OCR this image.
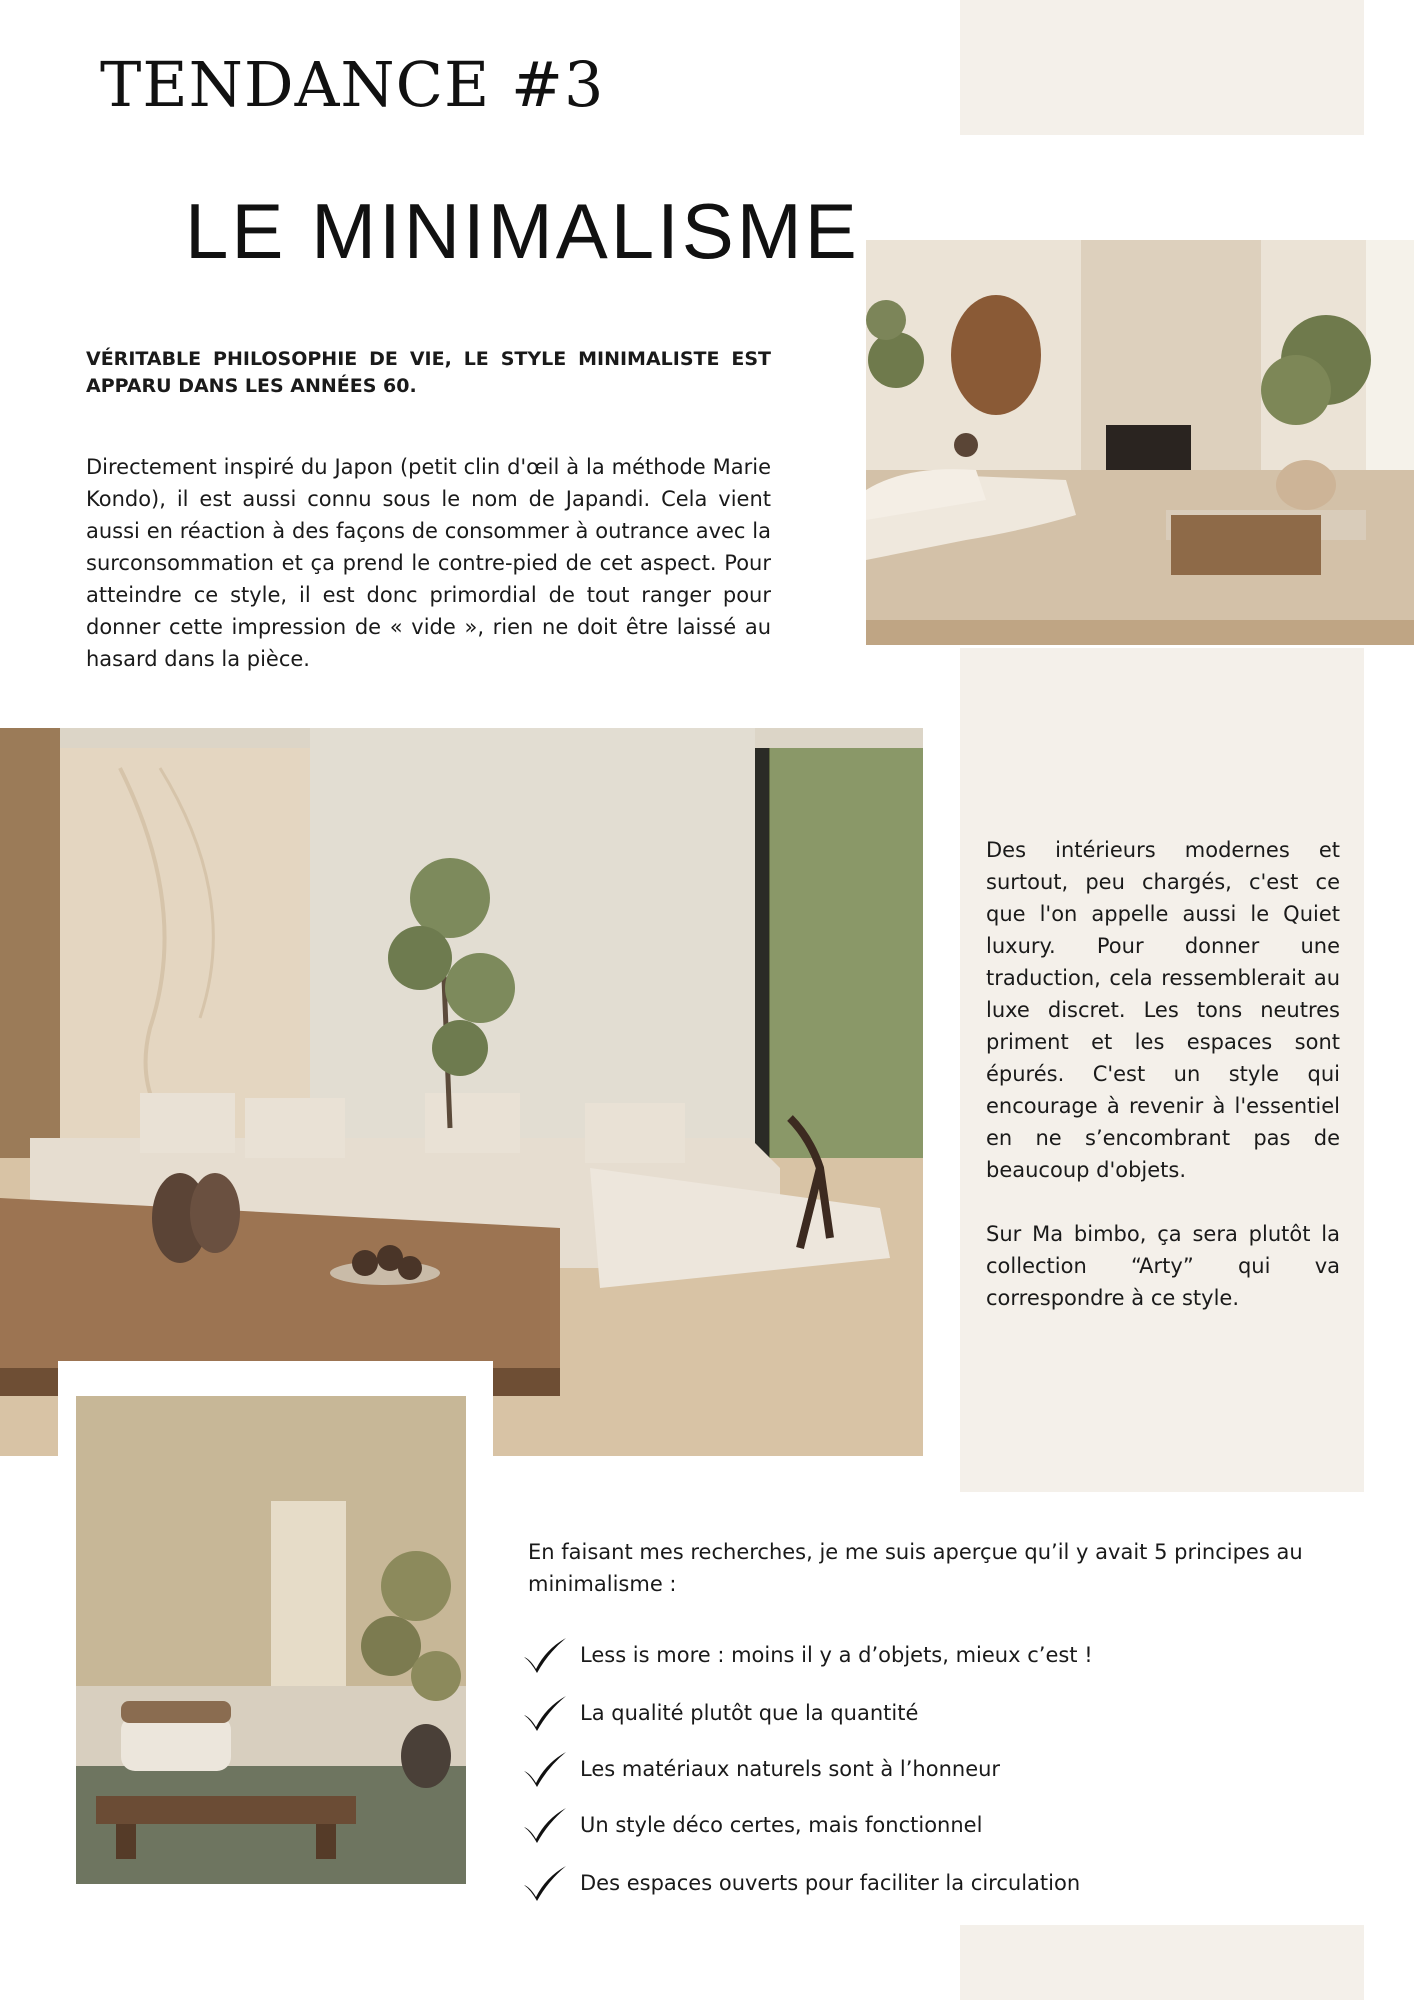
TENDANCE #3
LE MINIMALISME

VÉRITABLE PHILOSOPHIE DE VIE, LE STYLE MINIMALISTE EST APPARU DANS LES ANNÉES 60.

Directement inspiré du Japon (petit clin d'œil à la méthode Marie Kondo), il est aussi connu sous le nom de Japandi. Cela vient aussi en réaction à des façons de consommer à outrance avec la surconsommation et ça prend le contre-pied de cet aspect. Pour atteindre ce style, il est donc primordial de tout ranger pour donner cette impression de « vide », rien ne doit être laissé au hasard dans la pièce.

Des intérieurs modernes et surtout, peu chargés, c'est ce que l'on appelle aussi le Quiet luxury. Pour donner une traduction, cela ressemblerait au luxe discret. Les tons neutres priment et les espaces sont épurés. C'est un style qui encourage à revenir à l'essentiel en ne s’encombrant pas de beaucoup d'objets.

Sur Ma bimbo, ça sera plutôt la collection “Arty” qui va correspondre à ce style.

En faisant mes recherches, je me suis aperçue qu’il y avait 5 principes au minimalisme :

Less is more : moins il y a d’objets, mieux c’est !
La qualité plutôt que la quantité
Les matériaux naturels sont à l’honneur
Un style déco certes, mais fonctionnel
Des espaces ouverts pour faciliter la circulation
